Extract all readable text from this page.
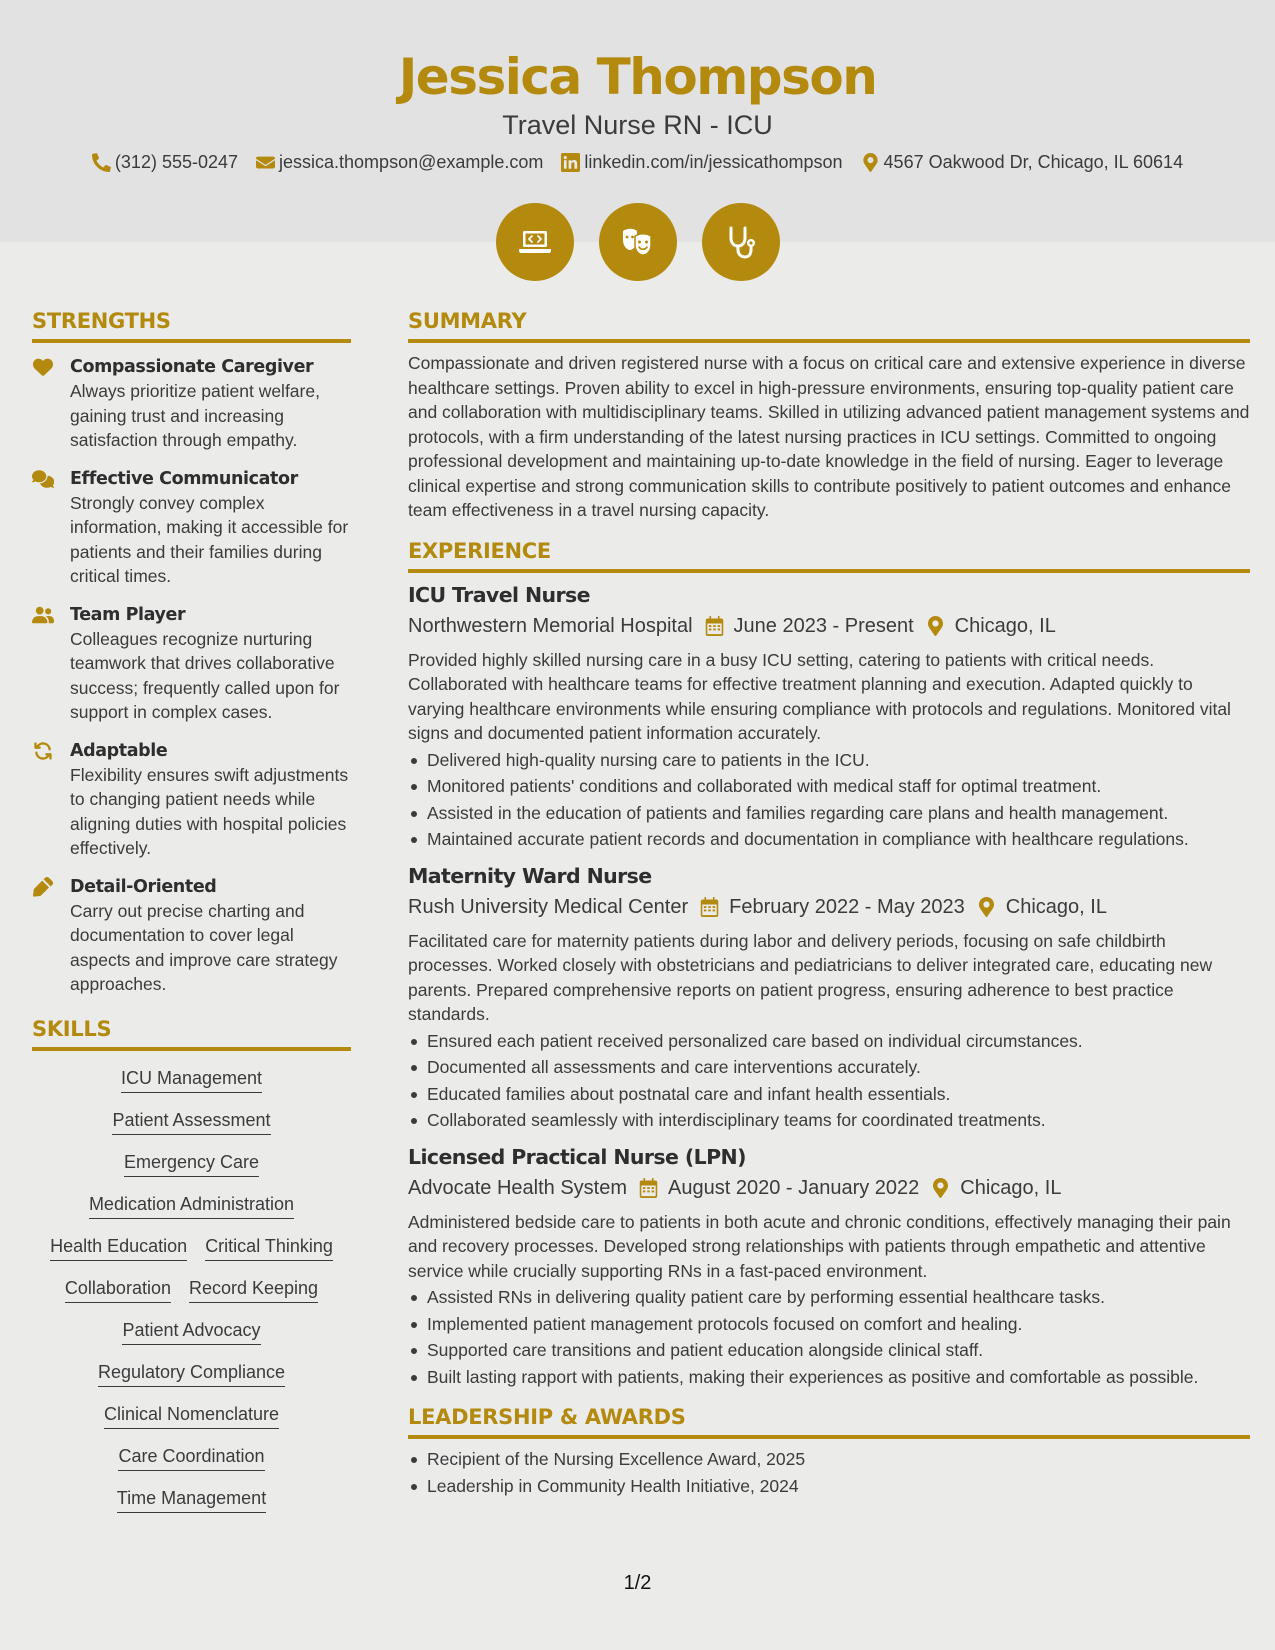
Jessica Thompson
Travel Nurse RN - ICU
(312) 555-0247 jessica.thompson@example.com linkedin.com/in/jessicathompson 4567 Oakwood Dr, Chicago, IL 60614
STRENGTHS
Compassionate Caregiver
Always prioritize patient welfare, gaining trust and increasing satisfaction through empathy.
Effective Communicator
Strongly convey complex information, making it accessible for patients and their families during critical times.
Team Player
Colleagues recognize nurturing teamwork that drives collaborative success; frequently called upon for support in complex cases.
Adaptable
Flexibility ensures swift adjustments to changing patient needs while aligning duties with hospital policies effectively.
Detail-Oriented
Carry out precise charting and documentation to cover legal aspects and improve care strategy approaches.
SKILLS
ICU Management
Patient Assessment
Emergency Care
Medication Administration
Health Education Critical Thinking
Collaboration Record Keeping
Patient Advocacy
Regulatory Compliance
Clinical Nomenclature
Care Coordination
Time Management
SUMMARY
Compassionate and driven registered nurse with a focus on critical care and extensive experience in diverse healthcare settings. Proven ability to excel in high-pressure environments, ensuring top-quality patient care and collaboration with multidisciplinary teams. Skilled in utilizing advanced patient management systems and protocols, with a firm understanding of the latest nursing practices in ICU settings. Committed to ongoing professional development and maintaining up-to-date knowledge in the field of nursing. Eager to leverage clinical expertise and strong communication skills to contribute positively to patient outcomes and enhance team effectiveness in a travel nursing capacity.
EXPERIENCE
ICU Travel Nurse
Northwestern Memorial Hospital June 2023 - Present Chicago, IL
Provided highly skilled nursing care in a busy ICU setting, catering to patients with critical needs. Collaborated with healthcare teams for effective treatment planning and execution. Adapted quickly to varying healthcare environments while ensuring compliance with protocols and regulations. Monitored vital signs and documented patient information accurately.
Delivered high-quality nursing care to patients in the ICU.
Monitored patients' conditions and collaborated with medical staff for optimal treatment.
Assisted in the education of patients and families regarding care plans and health management.
Maintained accurate patient records and documentation in compliance with healthcare regulations.
Maternity Ward Nurse
Rush University Medical Center February 2022 - May 2023 Chicago, IL
Facilitated care for maternity patients during labor and delivery periods, focusing on safe childbirth processes. Worked closely with obstetricians and pediatricians to deliver integrated care, educating new parents. Prepared comprehensive reports on patient progress, ensuring adherence to best practice standards.
Ensured each patient received personalized care based on individual circumstances.
Documented all assessments and care interventions accurately.
Educated families about postnatal care and infant health essentials.
Collaborated seamlessly with interdisciplinary teams for coordinated treatments.
Licensed Practical Nurse (LPN)
Advocate Health System August 2020 - January 2022 Chicago, IL
Administered bedside care to patients in both acute and chronic conditions, effectively managing their pain and recovery processes. Developed strong relationships with patients through empathetic and attentive service while crucially supporting RNs in a fast-paced environment.
Assisted RNs in delivering quality patient care by performing essential healthcare tasks.
Implemented patient management protocols focused on comfort and healing.
Supported care transitions and patient education alongside clinical staff.
Built lasting rapport with patients, making their experiences as positive and comfortable as possible.
LEADERSHIP & AWARDS
Recipient of the Nursing Excellence Award, 2025
Leadership in Community Health Initiative, 2024
1/2
